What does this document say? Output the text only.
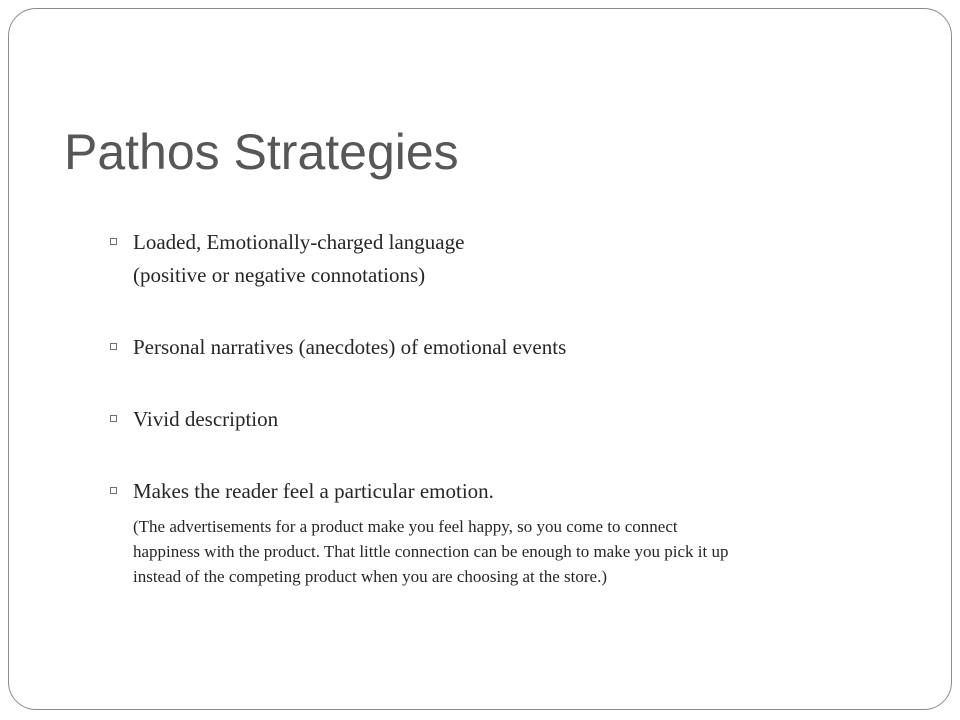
Pathos Strategies
Loaded, Emotionally-charged language
(positive or negative connotations)
Personal narratives (anecdotes) of emotional events
Vivid description
Makes the reader feel a particular emotion.
(The advertisements for a product make you feel happy, so you come to connect
happiness with the product. That little connection can be enough to make you pick it up
instead of the competing product when you are choosing at the store.)
